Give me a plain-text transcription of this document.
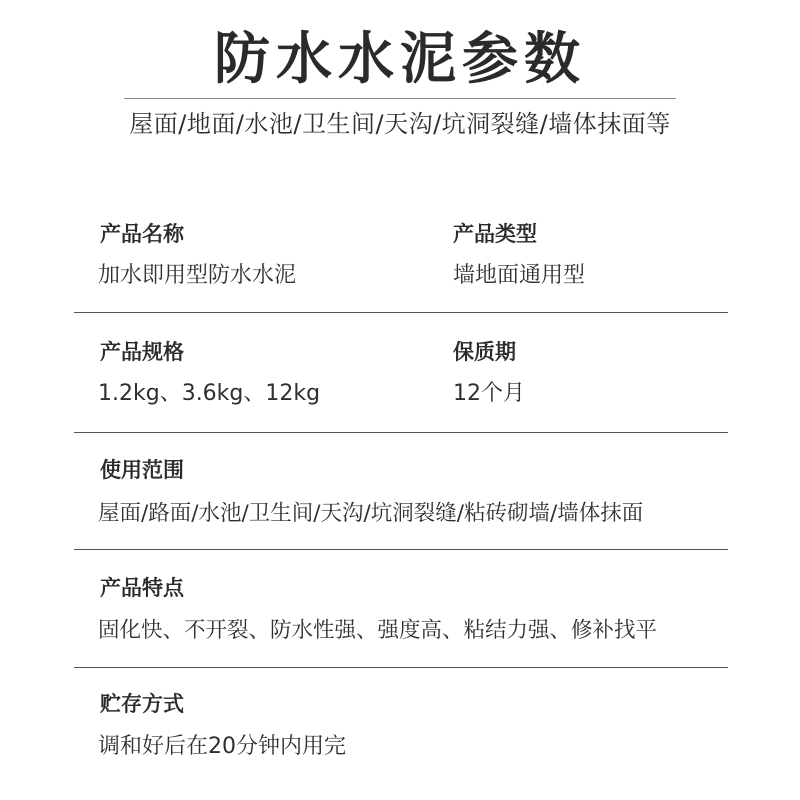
防水水泥参数
屋面/地面/水池/卫生间/天沟/坑洞裂缝/墙体抹面等
产品名称
加水即用型防水水泥
产品类型
墙地面通用型
产品规格
1.2kg、3.6kg、12kg
保质期
12个月
使用范围
屋面/路面/水池/卫生间/天沟/坑洞裂缝/粘砖砌墙/墙体抹面
产品特点
固化快、不开裂、防水性强、强度高、粘结力强、修补找平
贮存方式
调和好后在20分钟内用完
